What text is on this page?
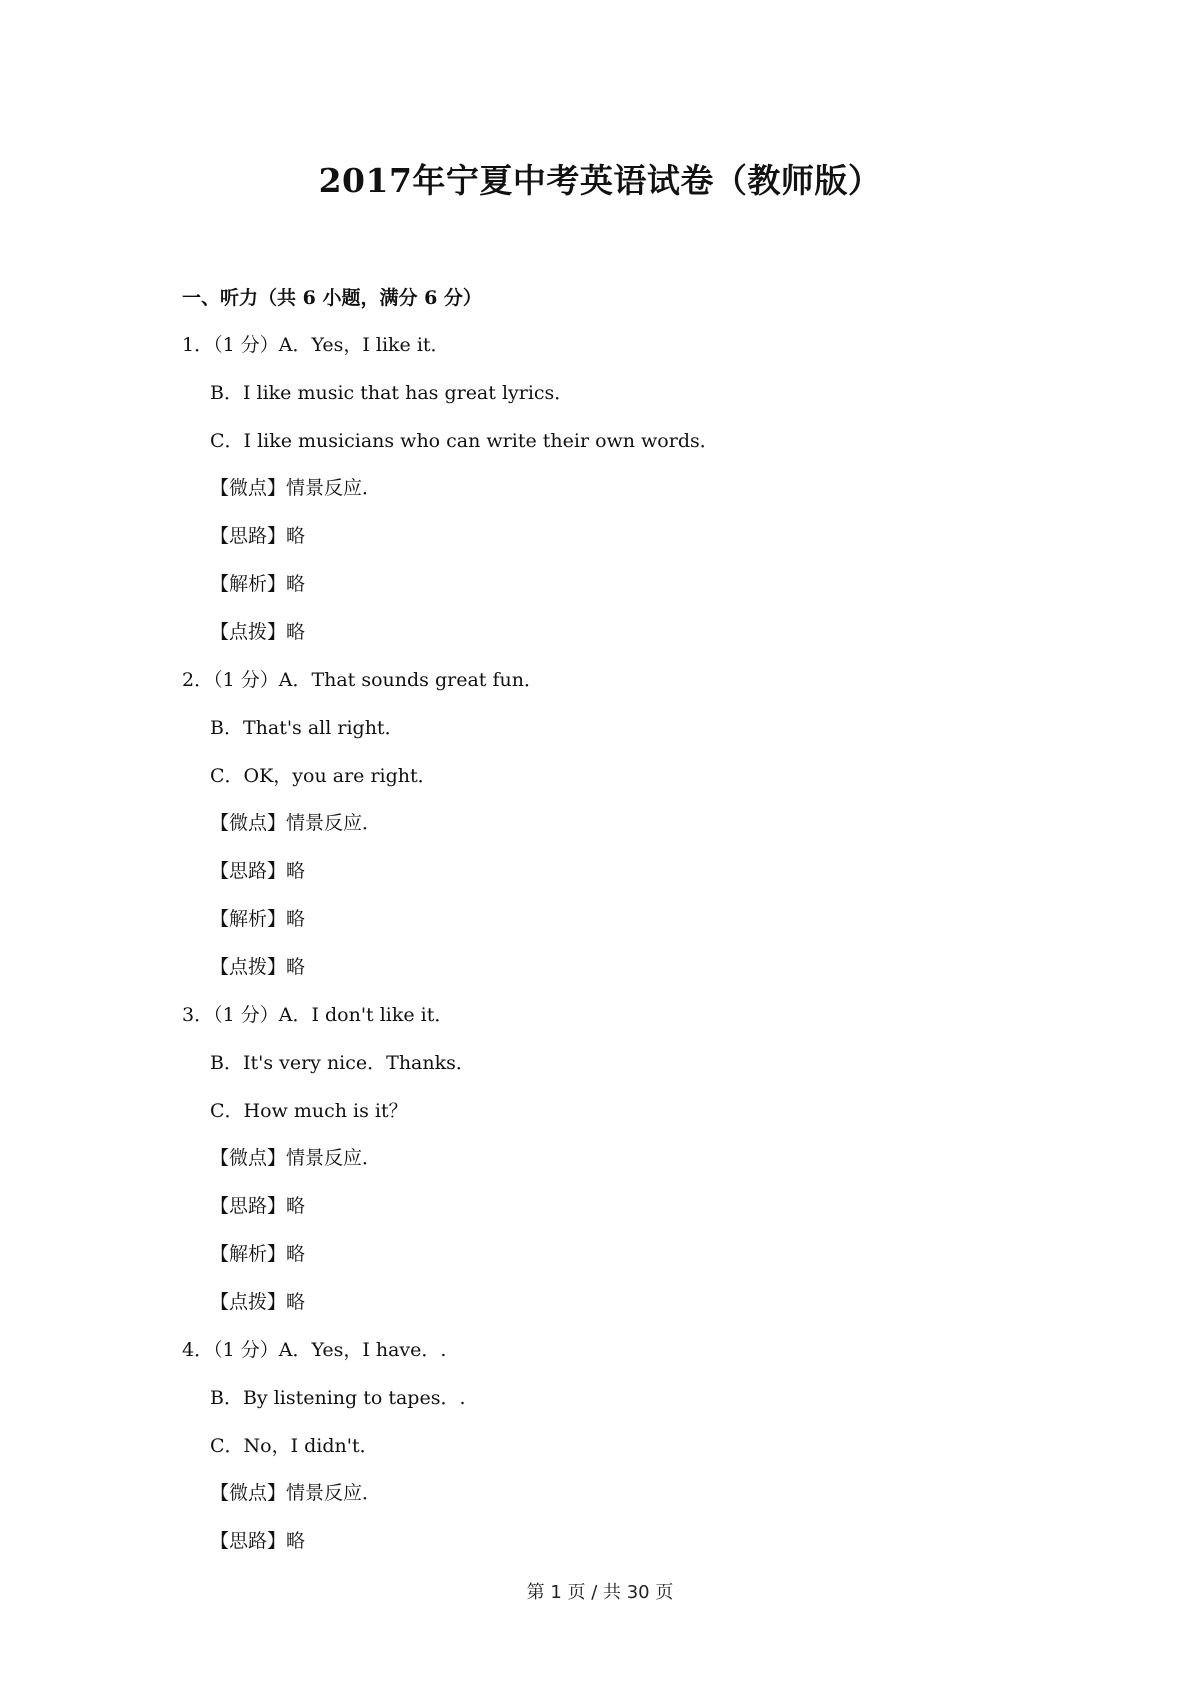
2017年宁夏中考英语试卷（教师版）
一、听力（共 6 小题，满分 6 分）
1．（1 分）A．Yes，I like it．
B．I like music that has great lyrics．
C．I like musicians who can write their own words．
【微点】情景反应．
【思路】略
【解析】略
【点拨】略
2．（1 分）A．That sounds great fun．
B．That's all right．
C．OK，you are right．
【微点】情景反应．
【思路】略
【解析】略
【点拨】略
3．（1 分）A．I don't like it．
B．It's very nice．Thanks．
C．How much is it？
【微点】情景反应．
【思路】略
【解析】略
【点拨】略
4．（1 分）A．Yes，I have．.
B．By listening to tapes．.
C．No，I didn't．
【微点】情景反应．
【思路】略
第 1 页 / 共 30 页
